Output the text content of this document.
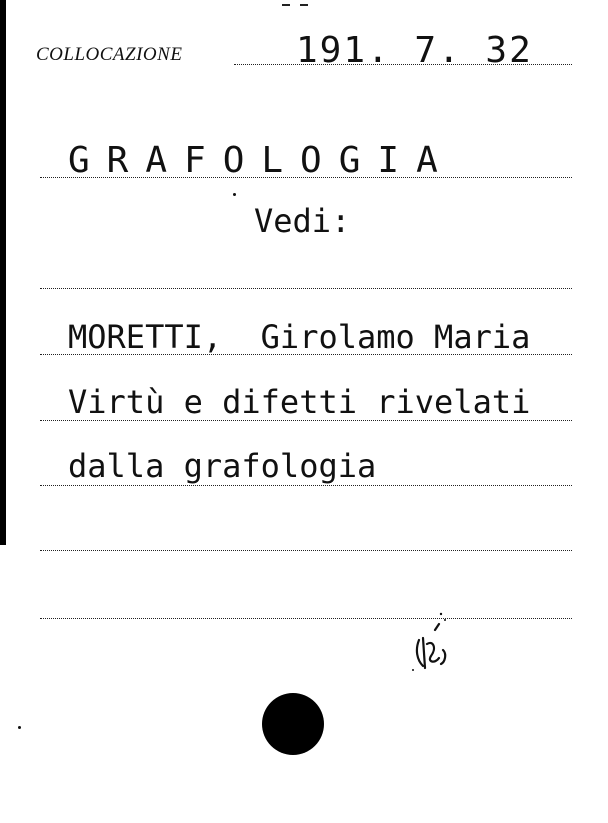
COLLOCAZIONE	191. 7. 32
GRAFOLOGIA
Vedi:
MORETTI,  Girolamo Maria
Virtù e difetti rivelati
dalla grafologia
